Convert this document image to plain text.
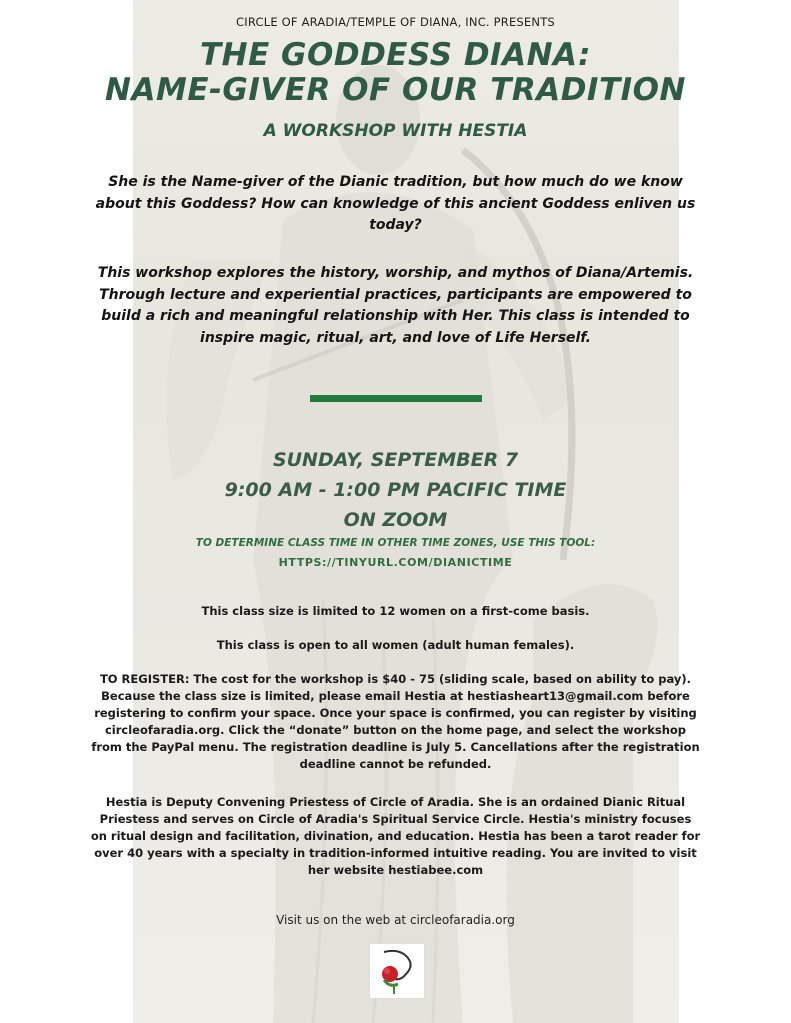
CIRCLE OF ARADIA/TEMPLE OF DIANA, INC. PRESENTS
THE GODDESS DIANA:
NAME-GIVER OF OUR TRADITION
A WORKSHOP WITH HESTIA
She is the Name-giver of the Dianic tradition, but how much do we know about this Goddess? How can knowledge of this ancient Goddess enliven us today?
This workshop explores the history, worship, and mythos of Diana/Artemis. Through lecture and experiential practices, participants are empowered to build a rich and meaningful relationship with Her. This class is intended to inspire magic, ritual, art, and love of Life Herself.
SUNDAY, SEPTEMBER 7
9:00 AM - 1:00 PM PACIFIC TIME
ON ZOOM
TO DETERMINE CLASS TIME IN OTHER TIME ZONES, USE THIS TOOL:
HTTPS://TINYURL.COM/DIANICTIME
This class size is limited to 12 women on a first-come basis.
This class is open to all women (adult human females).
TO REGISTER: The cost for the workshop is $40 - 75 (sliding scale, based on ability to pay). Because the class size is limited, please email Hestia at hestiasheart13@gmail.com before registering to confirm your space. Once your space is confirmed, you can register by visiting circleofaradia.org. Click the “donate” button on the home page, and select the workshop from the PayPal menu. The registration deadline is July 5. Cancellations after the registration deadline cannot be refunded.
Hestia is Deputy Convening Priestess of Circle of Aradia. She is an ordained Dianic Ritual Priestess and serves on Circle of Aradia's Spiritual Service Circle. Hestia's ministry focuses on ritual design and facilitation, divination, and education. Hestia has been a tarot reader for over 40 years with a specialty in tradition-informed intuitive reading. You are invited to visit her website hestiabee.com
Visit us on the web at circleofaradia.org
